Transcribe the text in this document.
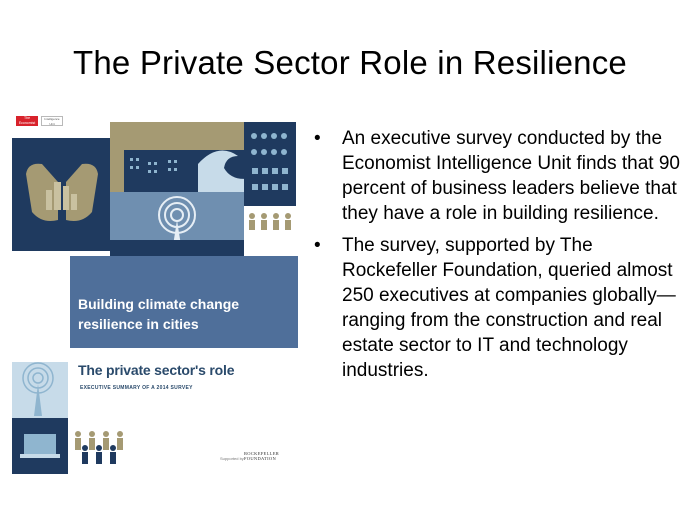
The Private Sector Role in Resilience
The Economist
Intelligence Unit
Building climate change resilience in cities
The private sector's role
EXECUTIVE SUMMARY OF A 2014 SURVEY
Supported by
ROCKEFELLER FOUNDATION
• An executive survey conducted by the Economist Intelligence Unit finds that 90 percent of business leaders believe that they have a role in building resilience.
• The survey, supported by The Rockefeller Foundation, queried almost 250 executives at companies globally—ranging from the construction and real estate sector to IT and technology industries.
